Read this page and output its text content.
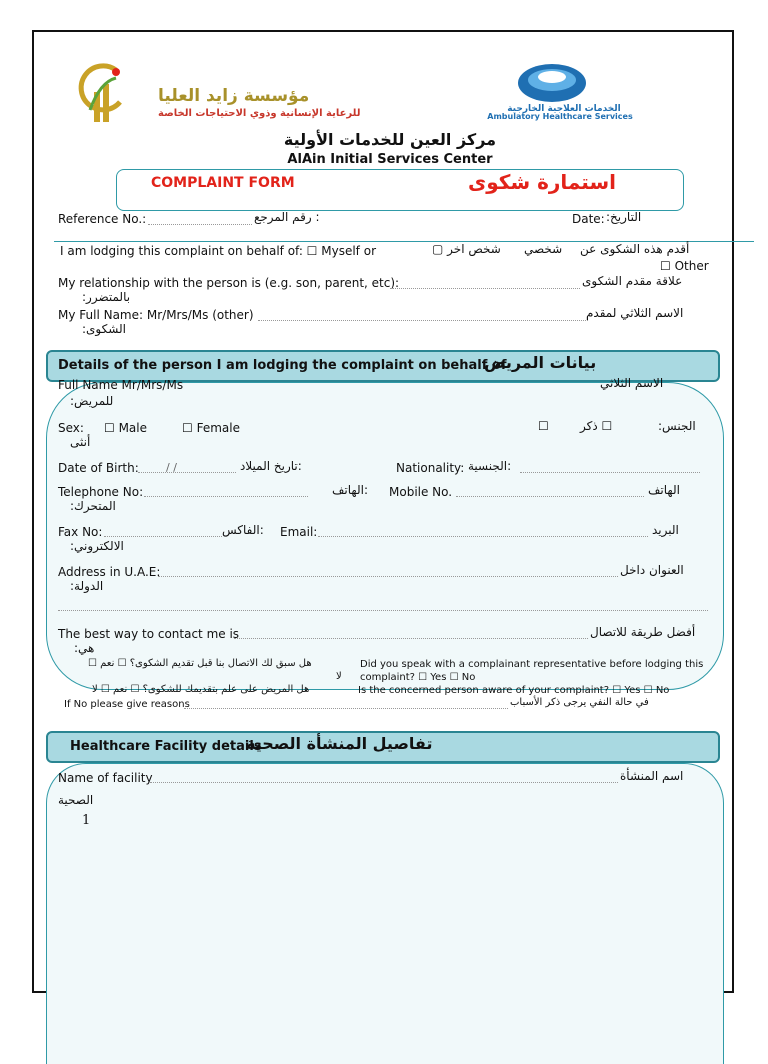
مؤسسة زايد العليا
للرعاية الإنسانية وذوي الاحتياجات الخاصة	الخدمات العلاجية الخارجية
Ambulatory Healthcare Services
مركز العين للخدمات الأولية
AlAin Initial Services Center
COMPLAINT FORM	استمارة شكوى
Reference No.:	: رقم المرجع	Date: التاريخ:
I am lodging this complaint on behalf of: ☐ Myself or	شخص اخر ▢	شخصي أقدم هذه الشكوى عن
☐ Other
My relationship with the person is (e.g. son, parent, etc):	علاقة مقدم الشكوى
بالمتضرر:
My Full Name: Mr/Mrs/Ms (other)	الاسم الثلاثي لمقدم
الشكوى:
Details of the person I am lodging the complaint on behalf of
بيانات المريض
Full Name Mr/Mrs/Ms	الاسم الثلاثي
للمريض:
Sex: ☐ Male	☐ Female	☐	☐ ذكر	الجنس:
أنثى
Date of Birth: / /	:تاريخ الميلاد	Nationality: :الجنسية
Telephone No:	:الهاتف Mobile No.	الهاتف
المتحرك:
Fax No:	:الفاكس Email:	البريد
الالكتروني:
Address in U.A.E:	العنوان داخل
الدولة:
The best way to contact me is	أفضل طريقة للاتصال
هي:
هل سبق لك الاتصال بنا قبل تقديم الشكوى؟ ☐ نعم ☐
لا
Did you speak with a complainant representative before lodging this
complaint? ☐ Yes ☐ No
هل المريض على علم بتقديمك للشكوى؟ ☐ نعم ☐ لا	Is the concerned person aware of your complaint? ☐ Yes ☐ No
If No please give reasons	في حالة النفي يرجى ذكر الأسباب
Healthcare Facility details
تفاصيل المنشأة الصحية
Name of facility	اسم المنشأة
الصحية
1
